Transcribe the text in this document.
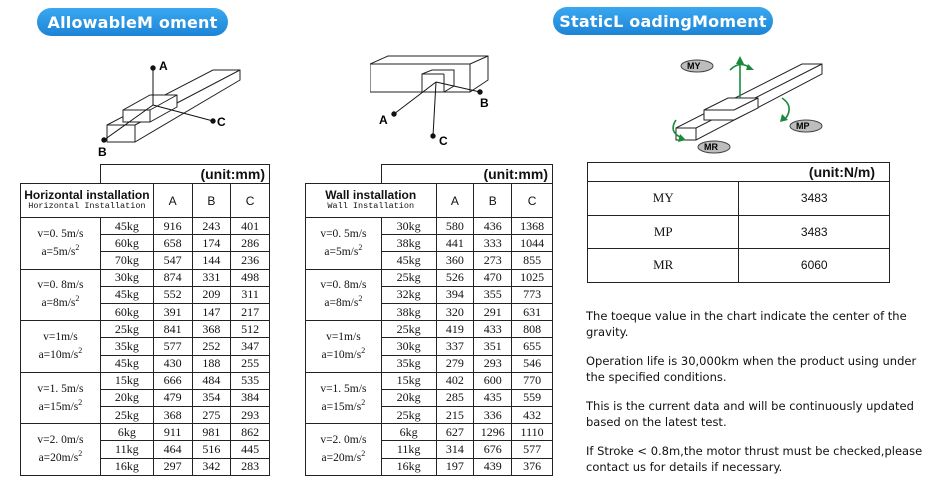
AllowableM oment	StaticL oadingMoment
A
C
B
B
A
C
MY
MP
MR
	(unit:mm)			

Horizontal installation
Horizontal Installation		A	B	C

v=0. 5m/s
$a=5m/s^2$	45kg	916	243	401
	60kg	658	174	286
	70kg	547	144	236

v=0. 8m/s
$a=8m/s^2$	30kg	874	331	498
	45kg	552	209	311
	60kg	391	147	217

v=1m/s
$a=10m/s^2$	25kg	841	368	512
	35kg	577	252	347
	45kg	430	188	255

v=1. 5m/s
$a=15m/s^2$	15kg	666	484	535
	20kg	479	354	384
	25kg	368	275	293

v=2. 0m/s
$a=20m/s^2$	6kg	911	981	862
	11kg	464	516	445
	16kg	297	342	283
	(unit:mm)			

Wall installation
Wall Installation		A	B	C

v=0. 5m/s
$a=5m/s^2$	30kg	580	436	1368
	38kg	441	333	1044
	45kg	360	273	855

v=0. 8m/s
$a=8m/s^2$	25kg	526	470	1025
	32kg	394	355	773
	38kg	320	291	631

v=1m/s
$a=10m/s^2$	25kg	419	433	808
	30kg	337	351	655
	35kg	279	293	546

v=1. 5m/s
$a=15m/s^2$	15kg	402	600	770
	20kg	285	435	559
	25kg	215	336	432

v=2. 0m/s
$a=20m/s^2$	6kg	627	1296	1110
	11kg	314	676	577
	16kg	197	439	376
(unit:N/m)	
MY	3483
MP	3483
MR	6060

The toeque value in the chart indicate the center of the gravity.

Operation life is 30,000km when the product using under the specified conditions.

This is the current data and will be continuously updated based on the latest test.

If Stroke < 0.8m,the motor thrust must be checked,please contact us for details if necessary.
